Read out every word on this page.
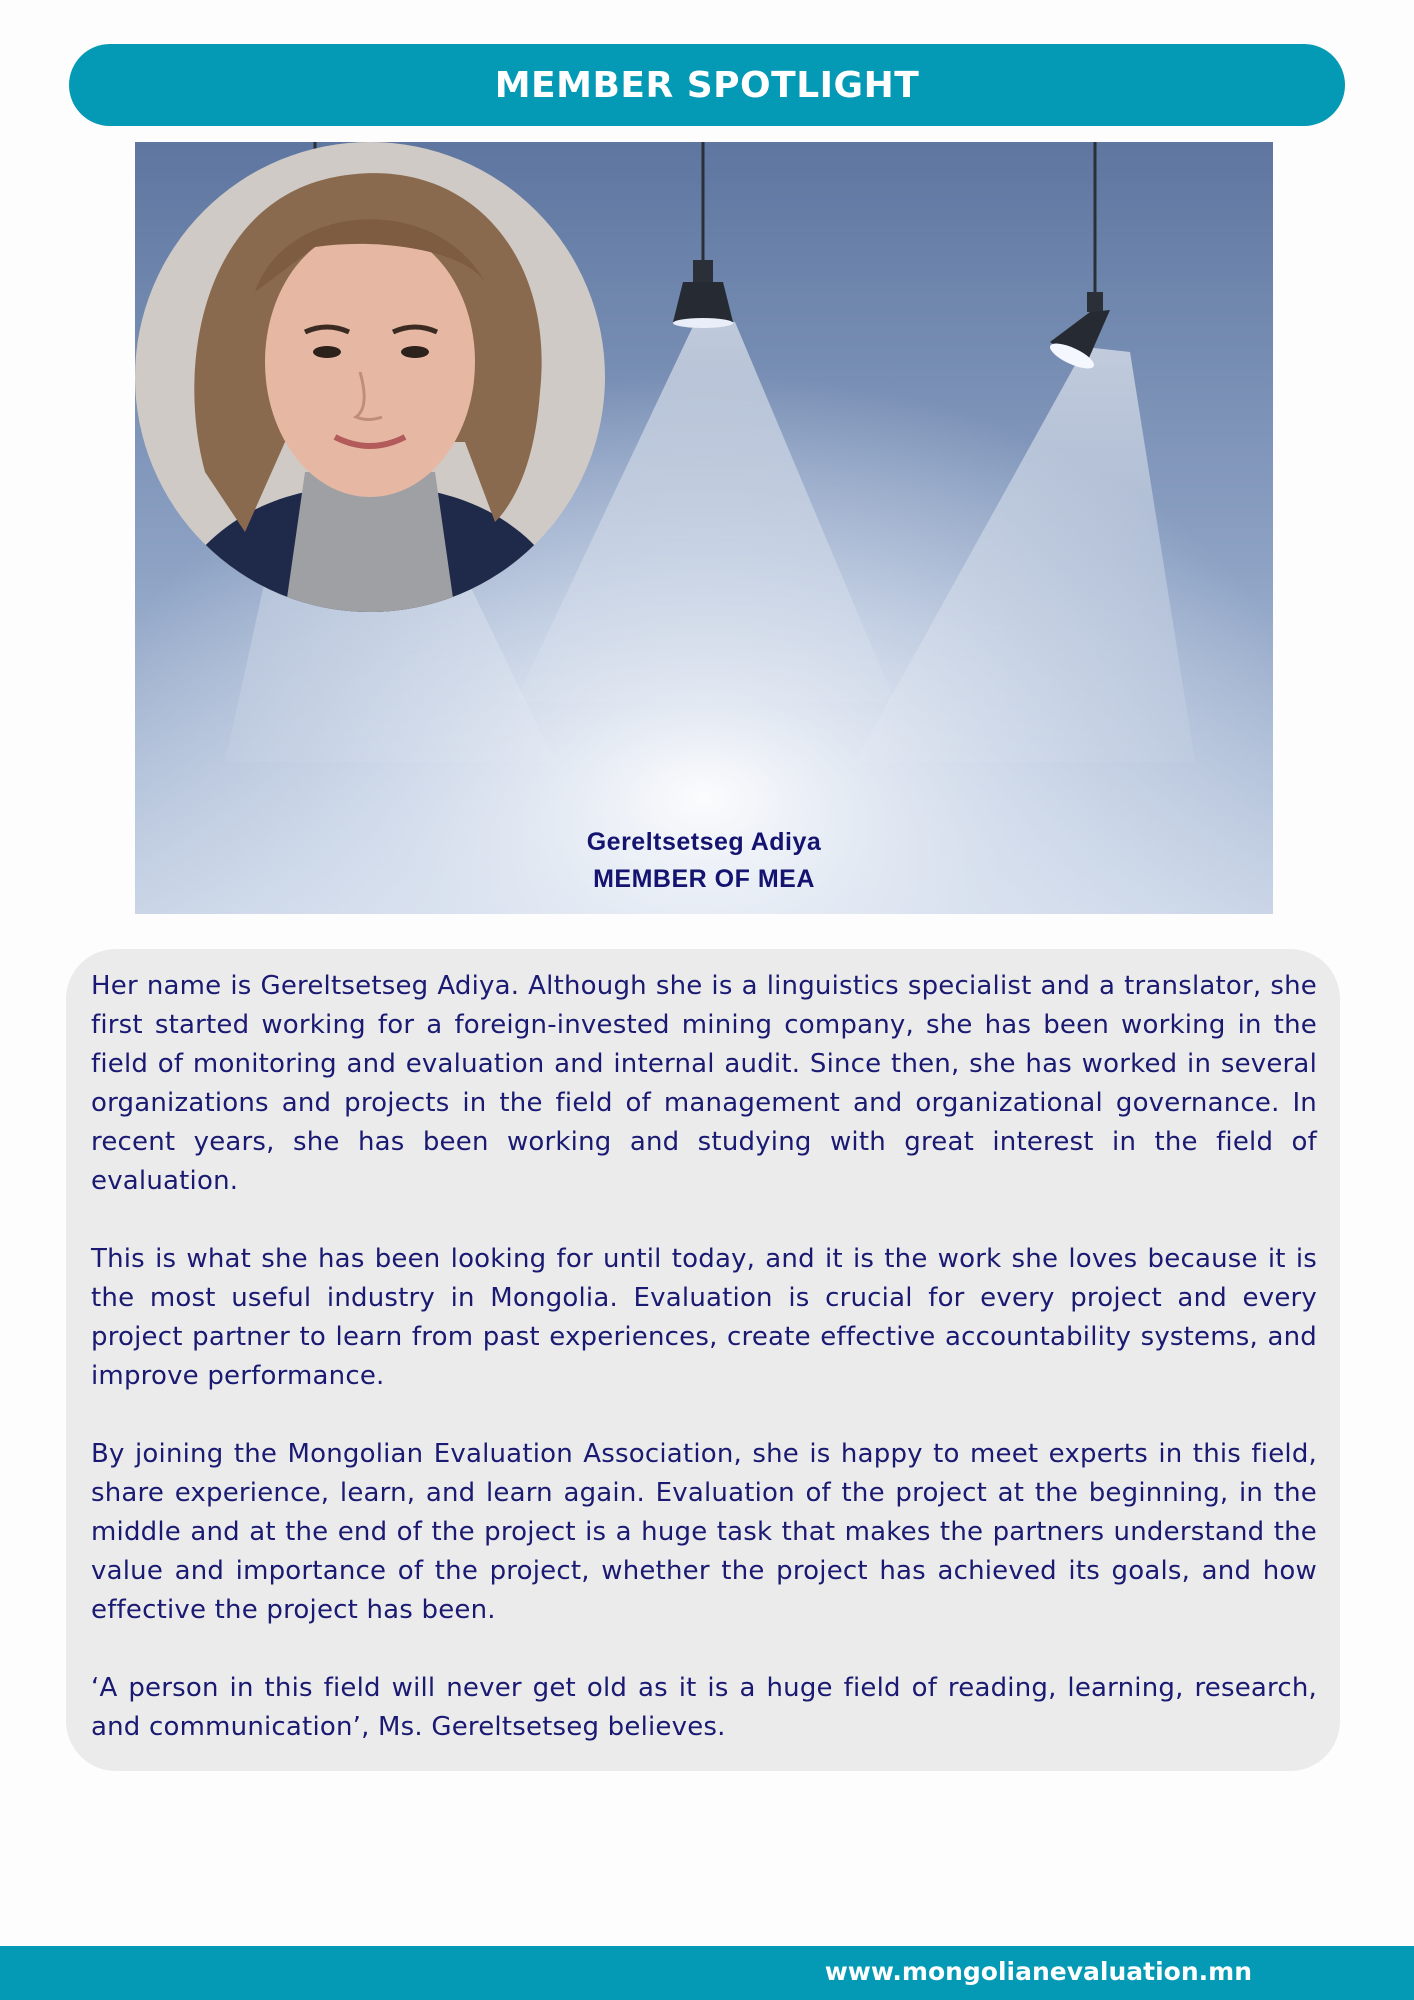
MEMBER SPOTLIGHT
Gereltsetseg Adiya
MEMBER OF MEA

Her name is Gereltsetseg Adiya. Although she is a linguistics specialist and a translator, she first started working for a foreign-invested mining company, she has been working in the field of monitoring and evaluation and internal audit. Since then, she has worked in several organizations and projects in the field of management and organizational governance. In recent years, she has been working and studying with great interest in the field of evaluation.

This is what she has been looking for until today, and it is the work she loves because it is the most useful industry in Mongolia. Evaluation is crucial for every project and every project partner to learn from past experiences, create effective accountability systems, and improve performance.

By joining the Mongolian Evaluation Association, she is happy to meet experts in this field, share experience, learn, and learn again. Evaluation of the project at the beginning, in the middle and at the end of the project is a huge task that makes the partners understand the value and importance of the project, whether the project has achieved its goals, and how effective the project has been.

‘A person in this field will never get old as it is a huge field of reading, learning, research, and communication’, Ms. Gereltsetseg believes.

www.mongolianevaluation.mn
